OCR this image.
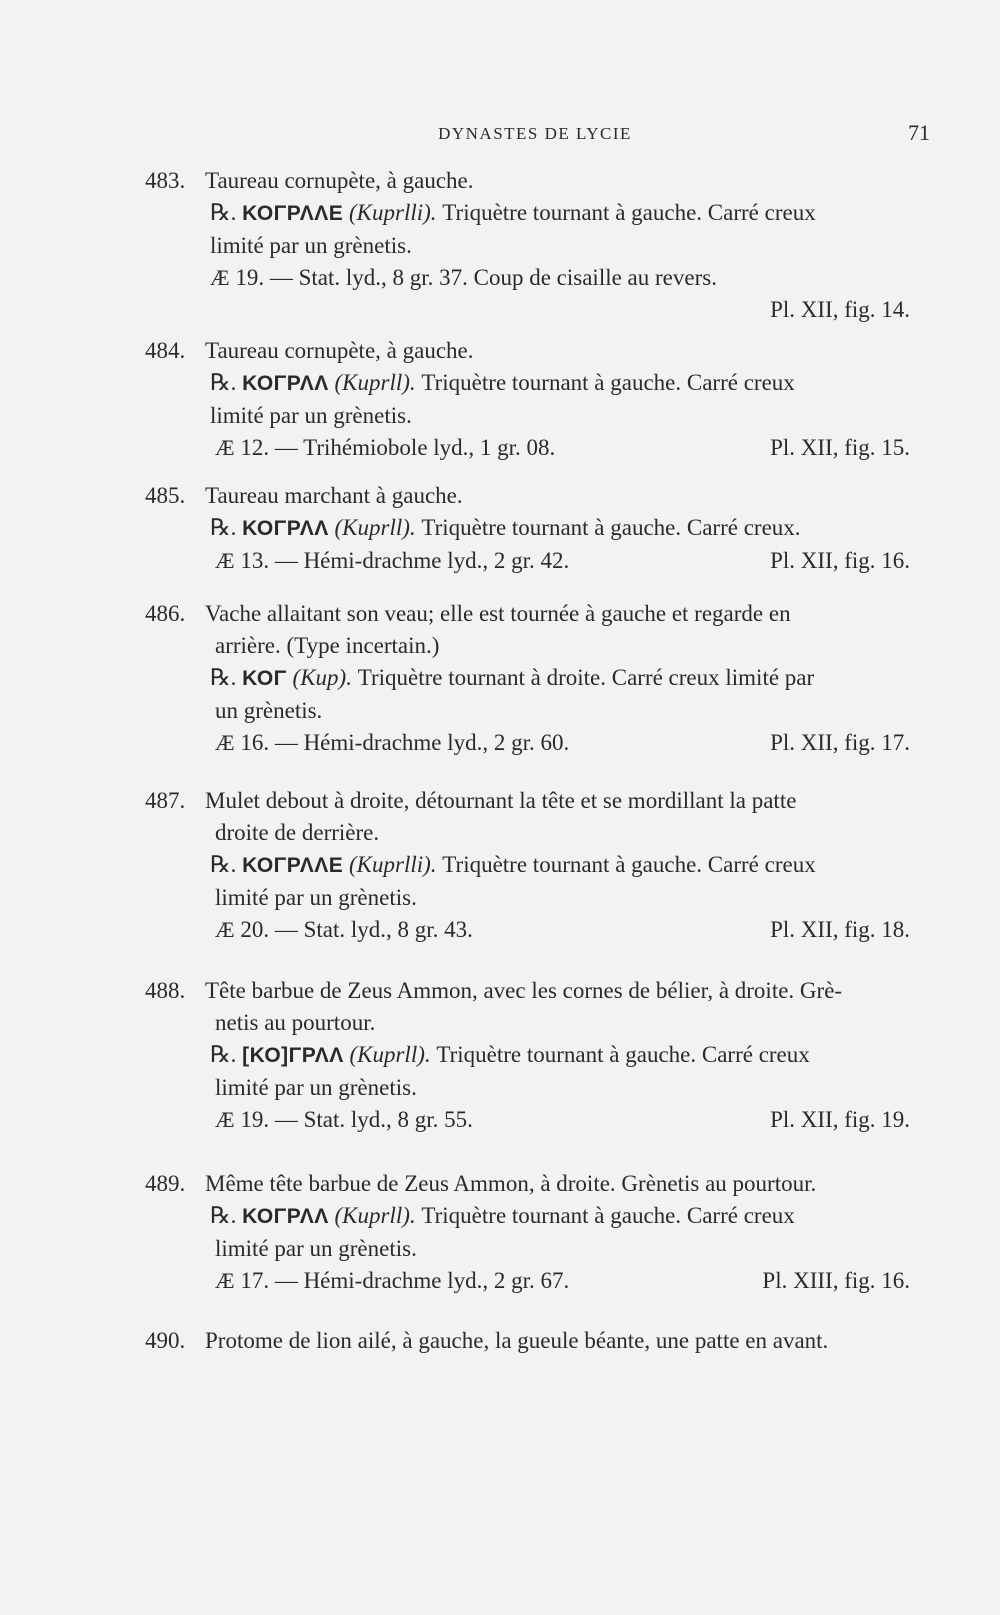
DYNASTES DE LYCIE	71
483. Taureau cornupète, à gauche.
℞. ΚΟΓΡΛΛΕ (Kuprlli). Triquètre tournant à gauche. Carré creux
limité par un grènetis.
Æ 19. — Stat. lyd., 8 gr. 37. Coup de cisaille au revers.
Pl. XII, fig. 14.
484. Taureau cornupète, à gauche.
℞. ΚΟΓΡΛΛ (Kuprll). Triquètre tournant à gauche. Carré creux
limité par un grènetis.
Æ 12. — Trihémiobole lyd., 1 gr. 08.	Pl. XII, fig. 15.
485. Taureau marchant à gauche.
℞. ΚΟΓΡΛΛ (Kuprll). Triquètre tournant à gauche. Carré creux.
Æ 13. — Hémi-drachme lyd., 2 gr. 42.	Pl. XII, fig. 16.
486. Vache allaitant son veau; elle est tournée à gauche et regarde en
arrière. (Type incertain.)
℞. ΚΟΓ (Kup). Triquètre tournant à droite. Carré creux limité par
un grènetis.
Æ 16. — Hémi-drachme lyd., 2 gr. 60.	Pl. XII, fig. 17.
487. Mulet debout à droite, détournant la tête et se mordillant la patte
droite de derrière.
℞. ΚΟΓΡΛΛΕ (Kuprlli). Triquètre tournant à gauche. Carré creux
limité par un grènetis.
Æ 20. — Stat. lyd., 8 gr. 43.	Pl. XII, fig. 18.
488. Tête barbue de Zeus Ammon, avec les cornes de bélier, à droite. Grè-
netis au pourtour.
℞. [ΚΟ]ΓΡΛΛ (Kuprll). Triquètre tournant à gauche. Carré creux
limité par un grènetis.
Æ 19. — Stat. lyd., 8 gr. 55.	Pl. XII, fig. 19.
489. Même tête barbue de Zeus Ammon, à droite. Grènetis au pourtour.
℞. ΚΟΓΡΛΛ (Kuprll). Triquètre tournant à gauche. Carré creux
limité par un grènetis.
Æ 17. — Hémi-drachme lyd., 2 gr. 67.	Pl. XIII, fig. 16.
490. Protome de lion ailé, à gauche, la gueule béante, une patte en avant.
